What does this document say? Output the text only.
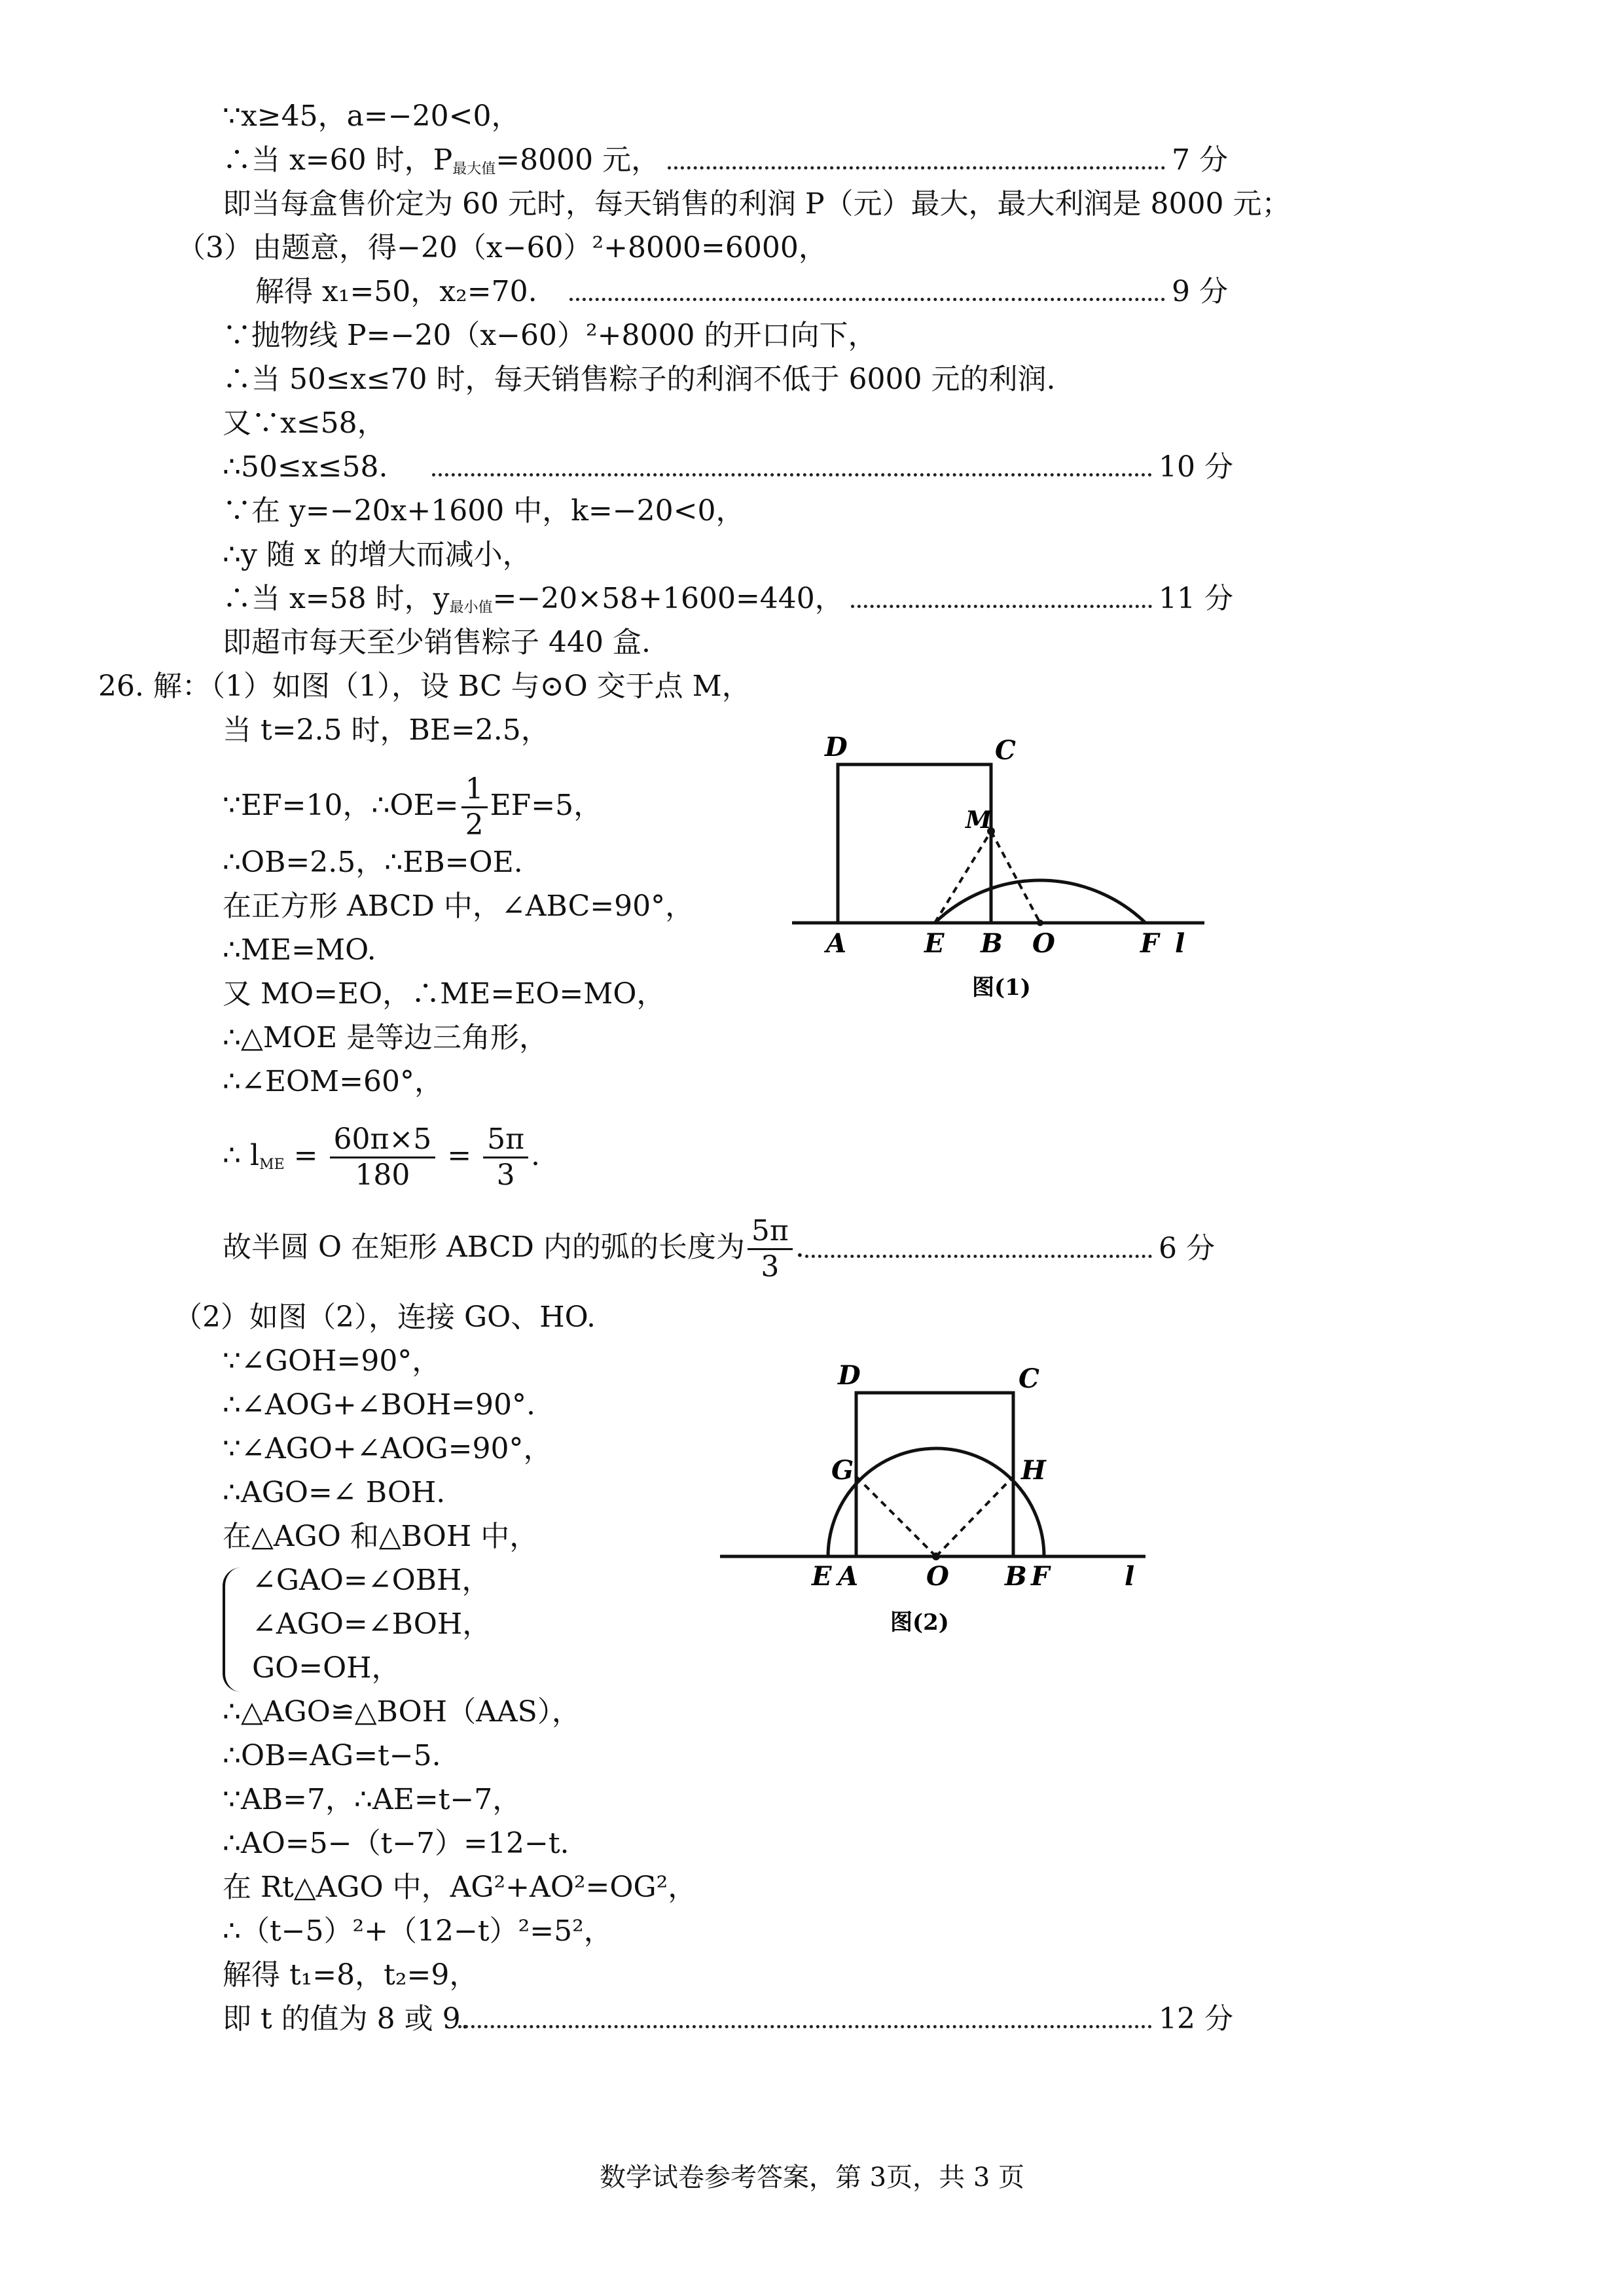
∵x≥45，a=−20<0，
∴当 x=60 时，$P_{最大值}=8000$ 元，	7 分
即当每盒售价定为 60 元时，每天销售的利润 P（元）最大，最大利润是 8000 元；
（3）由题意，得−20（x−60）²+8000=6000，
解得 x₁=50，x₂=70.	9 分
∵抛物线 P=−20（x−60）²+8000 的开口向下，
∴当 50≤x≤70 时，每天销售粽子的利润不低于 6000 元的利润.
又∵x≤58，
∴50≤x≤58.	10 分
∵在 y=−20x+1600 中，k=−20<0，
∴y 随 x 的增大而减小，
∴当 x=58 时，$y_{最小值}=-20\times 58+1600=440$，	11 分
即超市每天至少销售粽子 440 盒.
26. 解：（1）如图（1），设 BC 与⊙O 交于点 M，
当 t=2.5 时，BE=2.5，
∵EF=10，∴OE= $\frac{1}{2} EF=5$，
∴OB=2.5，∴EB=OE.
在正方形 ABCD 中，∠ABC=90°，
∴ME=MO.
又 MO=EO，∴ME=EO=MO，
∴△MOE 是等边三角形，
∴∠EOM=60°，
∴ $l_{ME} = \frac{60\pi\times 5}{180} = \frac{5\pi}{3}$ .
故半圆 O 在矩形 ABCD 内的弧的长度为 $\frac{5\pi}{3}$ .	6 分
（2）如图（2），连接 GO、HO.
∵∠GOH=90°，
∴∠AOG+∠BOH=90°.
∵∠AGO+∠AOG=90°，
∴AGO=∠ BOH.
在△AGO 和△BOH 中，
∠GAO=∠OBH，
∠AGO=∠BOH，
GO=OH，
∴△AGO≌△BOH（AAS），
∴OB=AG=t−5.
∵AB=7，∴AE=t−7，
∴AO=5−（t−7）=12−t.
在 Rt△AGO 中，AG²+AO²=OG²，
∴（t−5）²+（12−t）²=5²，
解得 t₁=8，t₂=9，
即 t 的值为 8 或 9.	12 分
D	C
M
A	E B O	F l
图(1)
D	C
G	H
E A	O B F	l
图(2)
数学试卷参考答案，第 3页，共 3 页
